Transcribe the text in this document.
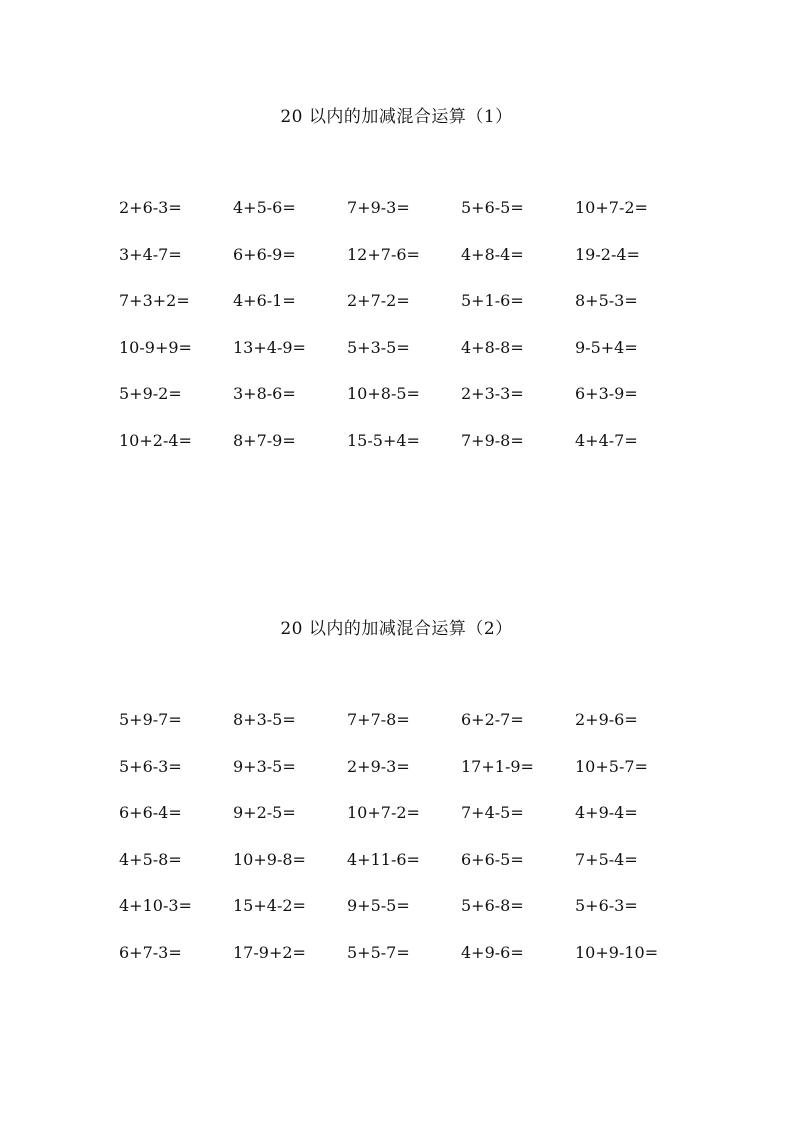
20 以内的加减混合运算（1）
2+6-3=	4+5-6=	7+9-3=	5+6-5=	10+7-2=
3+4-7=	6+6-9=	12+7-6=	4+8-4=	19-2-4=
7+3+2=	4+6-1=	2+7-2=	5+1-6=	8+5-3=
10-9+9=	13+4-9=	5+3-5=	4+8-8=	9-5+4=
5+9-2=	3+8-6=	10+8-5=	2+3-3=	6+3-9=
10+2-4=	8+7-9=	15-5+4=	7+9-8=	4+4-7=
20 以内的加减混合运算（2）
5+9-7=	8+3-5=	7+7-8=	6+2-7=	2+9-6=
5+6-3=	9+3-5=	2+9-3=	17+1-9=	10+5-7=
6+6-4=	9+2-5=	10+7-2=	7+4-5=	4+9-4=
4+5-8=	10+9-8=	4+11-6=	6+6-5=	7+5-4=
4+10-3=	15+4-2=	9+5-5=	5+6-8=	5+6-3=
6+7-3=	17-9+2=	5+5-7=	4+9-6=	10+9-10=
